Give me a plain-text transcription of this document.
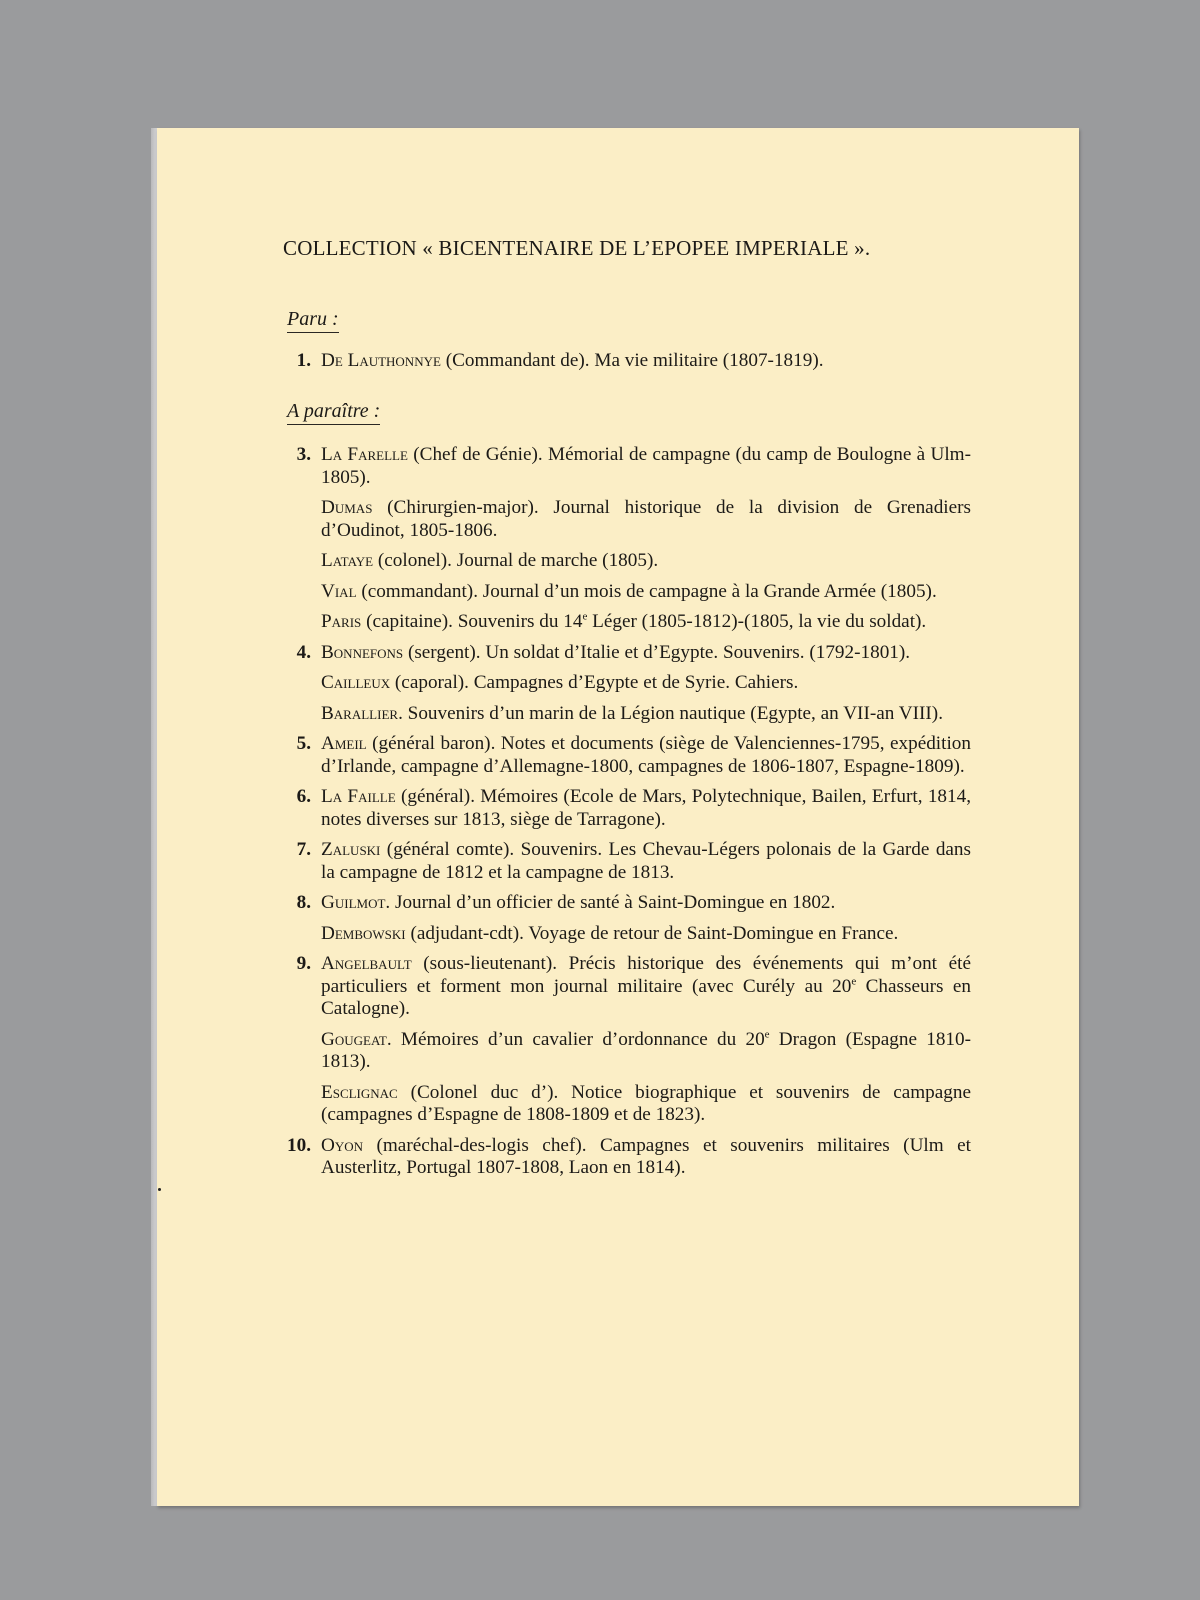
COLLECTION « BICENTENAIRE DE L’EPOPEE IMPERIALE ».
Paru :
1. De Lauthonnye (Commandant de). Ma vie militaire (1807-1819).
A paraître :
3. La Farelle (Chef de Génie). Mémorial de campagne (du camp de Boulogne à Ulm-1805).
Dumas (Chirurgien-major). Journal historique de la division de Grenadiers d’Oudinot, 1805-1806.
Lataye (colonel). Journal de marche (1805).
Vial (commandant). Journal d’un mois de campagne à la Grande Armée (1805).
Paris (capitaine). Souvenirs du 14e Léger (1805-1812)-(1805, la vie du soldat).
4. Bonnefons (sergent). Un soldat d’Italie et d’Egypte. Souvenirs. (1792-1801).
Cailleux (caporal). Campagnes d’Egypte et de Syrie. Cahiers.
Barallier. Souvenirs d’un marin de la Légion nautique (Egypte, an VII-an VIII).
5. Ameil (général baron). Notes et documents (siège de Valenciennes-1795, expédition d’Irlande, campagne d’Allemagne-1800, campagnes de 1806-1807, Espagne-1809).
6. La Faille (général). Mémoires (Ecole de Mars, Polytechnique, Bailen, Erfurt, 1814, notes diverses sur 1813, siège de Tarragone).
7. Zaluski (général comte). Souvenirs. Les Chevau-Légers polonais de la Garde dans la campagne de 1812 et la campagne de 1813.
8. Guilmot. Journal d’un officier de santé à Saint-Domingue en 1802.
Dembowski (adjudant-cdt). Voyage de retour de Saint-Domingue en France.
9. Angelbault (sous-lieutenant). Précis historique des événements qui m’ont été particuliers et forment mon journal militaire (avec Curély au 20e Chasseurs en Catalogne).
Gougeat. Mémoires d’un cavalier d’ordonnance du 20e Dragon (Espagne 1810-1813).
Esclignac (Colonel duc d’). Notice biographique et souvenirs de campagne (campagnes d’Espagne de 1808-1809 et de 1823).
10. Oyon (maréchal-des-logis chef). Campagnes et souvenirs militaires (Ulm et Austerlitz, Portugal 1807-1808, Laon en 1814).
